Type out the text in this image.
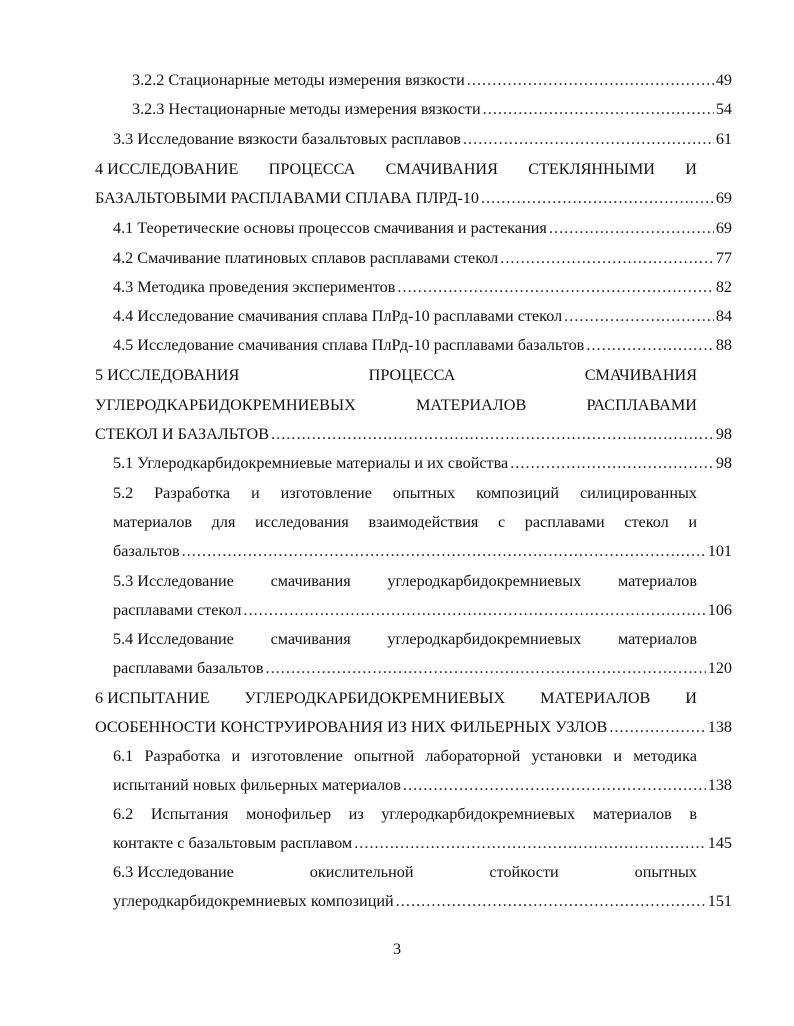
3.2.2 Стационарные методы измерения вязкости . . .	49
3.2.3 Нестационарные методы измерения вязкости . . .	54
3.3 Исследование вязкости базальтовых расплавов . . .	61
4 ИССЛЕДОВАНИЕ ПРОЦЕССА СМАЧИВАНИЯ СТЕКЛЯННЫМИ И
БАЗАЛЬТОВЫМИ РАСПЛАВАМИ СПЛАВА ПЛРД-10 . . .	69
4.1 Теоретические основы процессов смачивания и растекания . . .	69
4.2 Смачивание платиновых сплавов расплавами стекол . . .	77
4.3 Методика проведения экспериментов . . .	82
4.4 Исследование смачивания сплава ПлРд-10 расплавами стекол . . .	84
4.5 Исследование смачивания сплава ПлРд-10 расплавами базальтов . . .	88
5 ИССЛЕДОВАНИЯ	ПРОЦЕССА	СМАЧИВАНИЯ
УГЛЕРОДКАРБИДОКРЕМНИЕВЫХ	МАТЕРИАЛОВ	РАСПЛАВАМИ
СТЕКОЛ И БАЗАЛЬТОВ . . .	98
5.1 Углеродкарбидокремниевые материалы и их свойства . . .	98
5.2 Разработка и изготовление опытных композиций силицированных
материалов для исследования взаимодействия с расплавами стекол и
базальтов . . .	101
5.3 Исследование смачивания углеродкарбидокремниевых материалов
расплавами стекол . . .	106
5.4 Исследование смачивания углеродкарбидокремниевых материалов
расплавами базальтов . . .	120
6 ИСПЫТАНИЕ УГЛЕРОДКАРБИДОКРЕМНИЕВЫХ МАТЕРИАЛОВ И
ОСОБЕННОСТИ КОНСТРУИРОВАНИЯ ИЗ НИХ ФИЛЬЕРНЫХ УЗЛОВ . . .	138
6.1 Разработка и изготовление опытной лабораторной установки и методика
испытаний новых фильерных материалов . . .	138
6.2 Испытания монофильер из углеродкарбидокремниевых материалов в
контакте с базальтовым расплавом . . .	145
6.3 Исследование	окислительной	стойкости	опытных
углеродкарбидокремниевых композиций . . .	151
3
